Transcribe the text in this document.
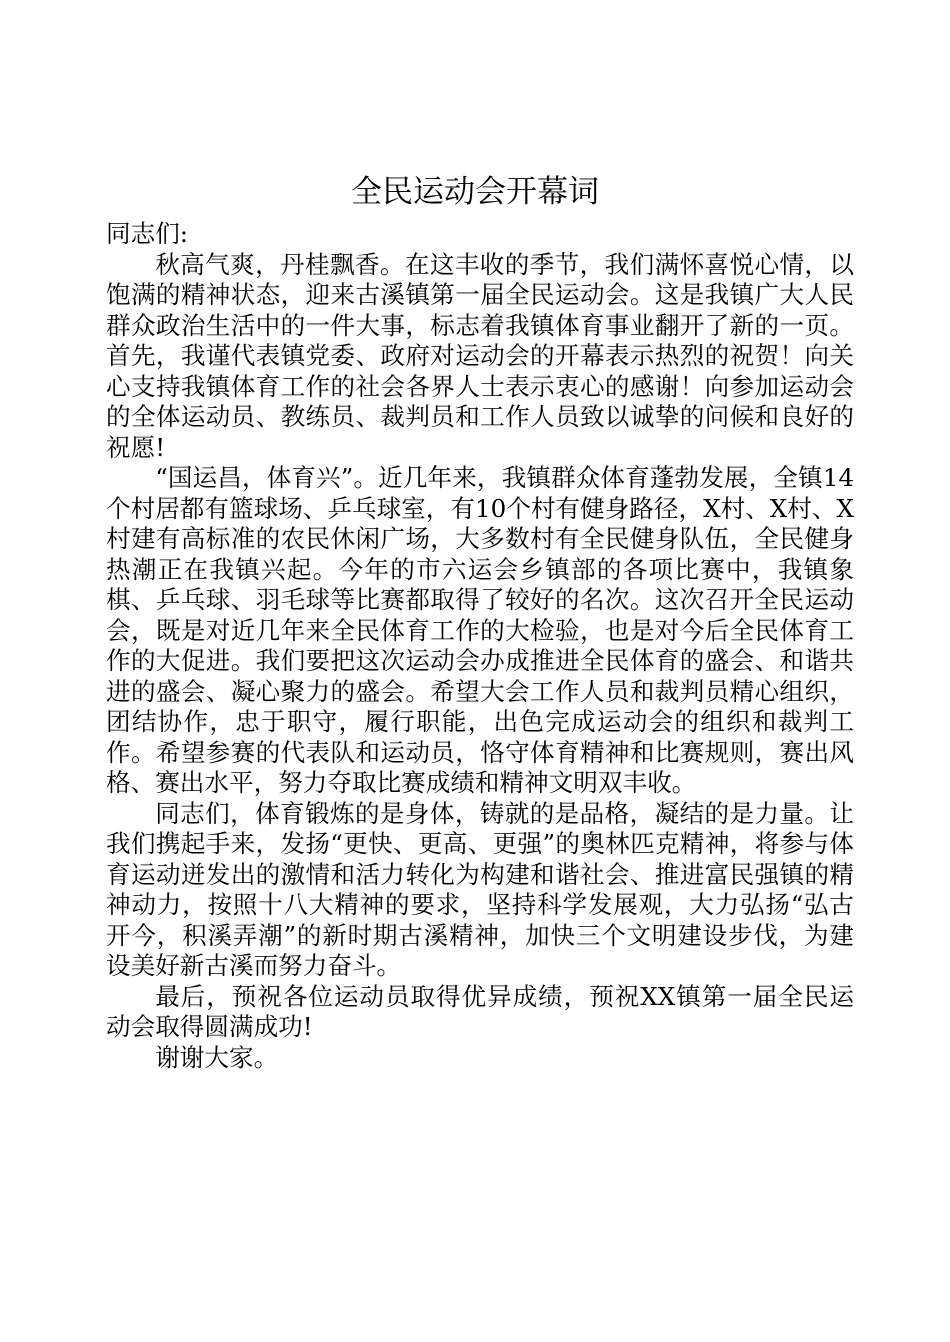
全民运动会开幕词

同志们:

秋高气爽，丹桂飘香。在这丰收的季节，我们满怀喜悦心情，以饱满的精神状态，迎来古溪镇第一届全民运动会。这是我镇广大人民群众政治生活中的一件大事，标志着我镇体育事业翻开了新的一页。首先，我谨代表镇党委、政府对运动会的开幕表示热烈的祝贺！向关心支持我镇体育工作的社会各界人士表示衷心的感谢！向参加运动会的全体运动员、教练员、裁判员和工作人员致以诚挚的问候和良好的祝愿!

“国运昌，体育兴”。近几年来，我镇群众体育蓬勃发展，全镇14个村居都有篮球场、乒乓球室，有10个村有健身路径，X村、X村、X村建有高标准的农民休闲广场，大多数村有全民健身队伍，全民健身热潮正在我镇兴起。今年的市六运会乡镇部的各项比赛中，我镇象棋、乒乓球、羽毛球等比赛都取得了较好的名次。这次召开全民运动会，既是对近几年来全民体育工作的大检验，也是对今后全民体育工作的大促进。我们要把这次运动会办成推进全民体育的盛会、和谐共进的盛会、凝心聚力的盛会。希望大会工作人员和裁判员精心组织，团结协作，忠于职守，履行职能，出色完成运动会的组织和裁判工作。希望参赛的代表队和运动员，恪守体育精神和比赛规则，赛出风格、赛出水平，努力夺取比赛成绩和精神文明双丰收。

同志们，体育锻炼的是身体，铸就的是品格，凝结的是力量。让我们携起手来，发扬“更快、更高、更强”的奥林匹克精神，将参与体育运动迸发出的激情和活力转化为构建和谐社会、推进富民强镇的精神动力，按照十八大精神的要求，坚持科学发展观，大力弘扬“弘古开今，积溪弄潮”的新时期古溪精神，加快三个文明建设步伐，为建设美好新古溪而努力奋斗。

最后，预祝各位运动员取得优异成绩，预祝XX镇第一届全民运动会取得圆满成功!

谢谢大家。
